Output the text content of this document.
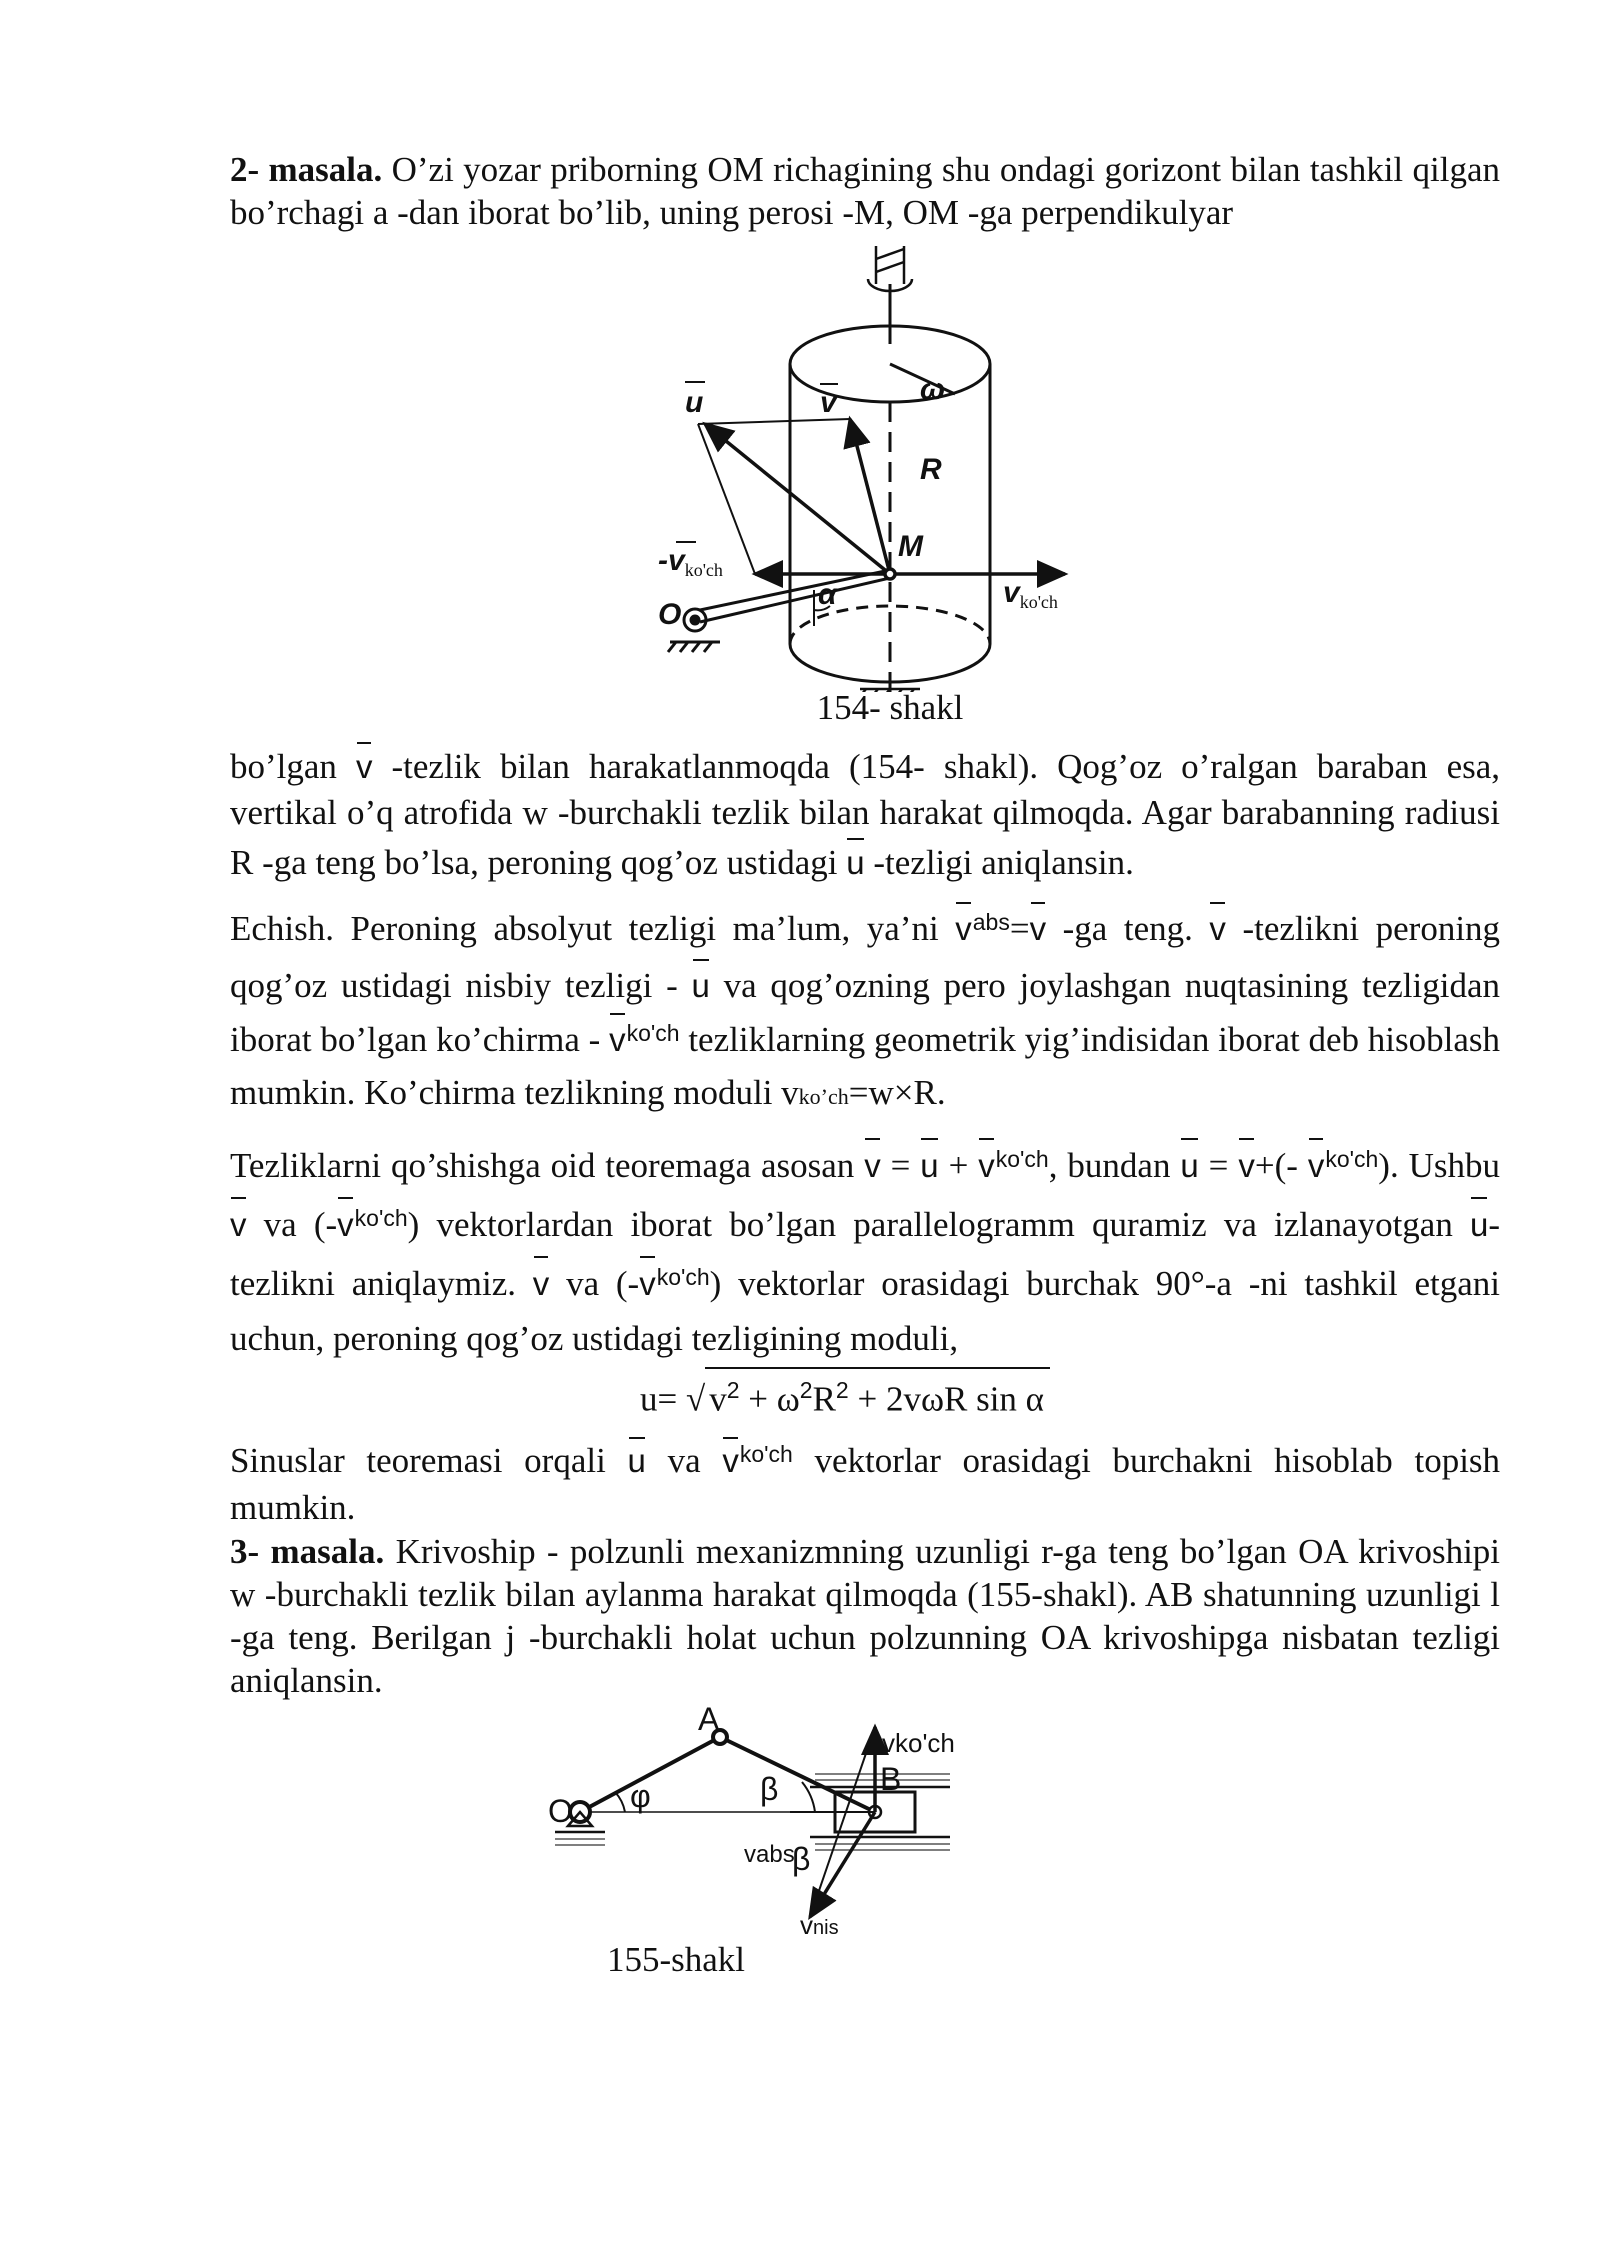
2- masala. O’zi yozar priborning OM richagining shu ondagi gorizont bilan tashkil qilgan bo’rchagi a -dan iborat bo’lib, uning perosi -M, OM -ga perpendikulyar

u	v	ω
R
M
$-v_{ko'ch}$
O
α	$v_{ko'ch}$
154- shakl

bo’lgan v -tezlik bilan harakatlanmoqda (154- shakl). Qog’oz o’ralgan baraban esa, vertikal o’q atrofida w -burchakli tezlik bilan harakat qilmoqda. Agar barabanning radiusi R -ga teng bo’lsa, peroning qog’oz ustidagi u -tezligi aniqlansin.

Echish. Peroning absolyut tezligi ma’lum, ya’ni $v^{abs}=v$ -ga teng. v -tezlikni peroning qog’oz ustidagi nisbiy tezligi - u va qog’ozning pero joylashgan nuqtasining tezligidan iborat bo’lgan ko’chirma - $v^{ko'ch}$ tezliklarning geometrik yig’indisidan iborat deb hisoblash mumkin. Ko’chirma tezlikning moduli vko’ch=w×R.

Tezliklarni qo’shishga oid teoremaga asosan $v = u + v^{ko'ch}$, bundan u = v+(- $v^{ko'ch}$). Ushbu v va $(-v^{ko'ch})$ vektorlardan iborat bo’lgan parallelogramm quramiz va izlanayotgan u-tezlikni aniqlaymiz. v va $(-v^{ko'ch})$ vektorlar orasidagi burchak 90°-a -ni tashkil etgani uchun, peroning qog’oz ustidagi tezligining moduli,

u= √ $v^2 + \omega^2R^2 + 2v\omega R$ sin α

Sinuslar teoremasi orqali u va $v^{ko'ch}$ vektorlar orasidagi burchakni hisoblab topish mumkin.

3- masala. Krivoship - polzunli mexanizmning uzunligi r-ga teng bo’lgan OA krivoshipi w -burchakli tezlik bilan aylanma harakat qilmoqda (155-shakl). AB shatunning uzunligi l -ga teng. Berilgan j -burchakli holat uchun polzunning OA krivoshipga nisbatan tezligi aniqlansin.

A
O φ	β	B
vko'ch
vabs
β
vnis
155-shakl
